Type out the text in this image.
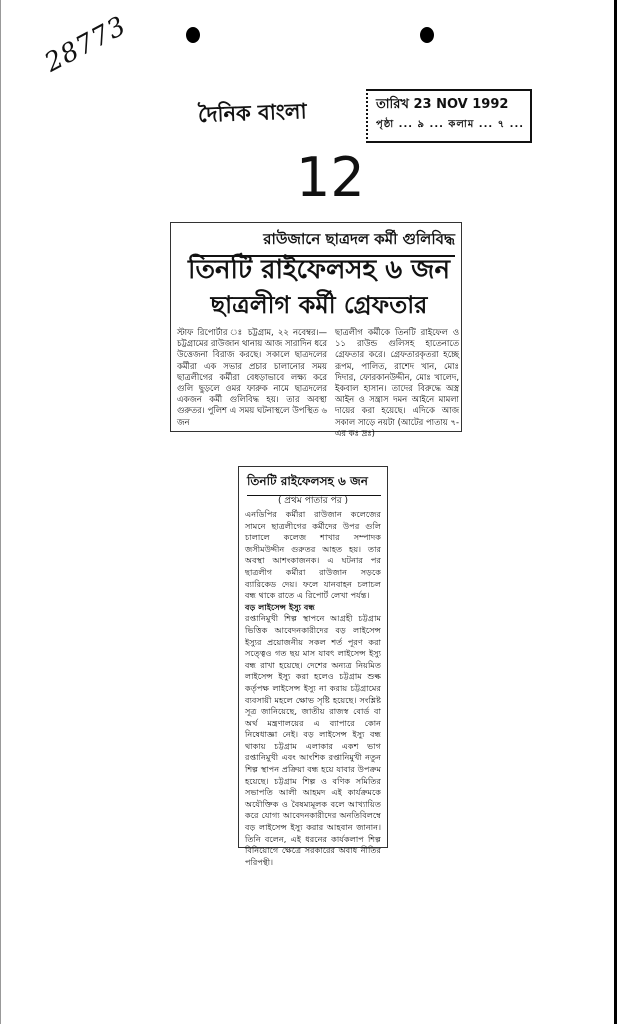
28773
দৈনিক বাংলা	তারিখ 23 NOV 1992
পৃষ্ঠা ... ৯ ... কলাম ... ৭ ...
12
রাউজানে ছাত্রদল কর্মী গুলিবিদ্ধ
তিনটি রাইফেলসহ ৬ জন
ছাত্রলীগ কর্মী গ্রেফতার
স্টাফ রিপোর্টার ঃ চট্টগ্রাম, ২২ নবেম্বর।—চট্টগ্রামের রাউজান থানায় আজ সারাদিন ধরে উত্তেজনা বিরাজ করছে। সকালে ছাত্রদলের কর্মীরা এক সভার প্রচার চালানোর সময় ছাত্রলীগের কর্মীরা বেধড়াভাবে লক্ষ্য করে গুলি ছুড়লে ওমর ফারুক নামে ছাত্রদলের একজন কর্মী গুলিবিদ্ধ হয়। তার অবস্থা গুরুতর। পুলিশ এ সময় ঘটনাস্থলে উপস্থিত ৬ জন
ছাত্রলীগ কর্মীকে তিনটি রাইফেল ও ১১ রাউন্ড গুলিসহ হাতেনাতে গ্রেফতার করে। গ্রেফতারকৃতরা হচ্ছে রূপম, পালিত, রাশেদ খান, মোঃ দিদার, ফোরকানউদ্দীন, মোঃ খালেদ, ইকবাল হাসান। তাদের বিরুদ্ধে অস্ত্র আইন ও সন্ত্রাস দমন আইনে মামলা দায়ের করা হয়েছে। এদিকে আজ সকাল সাড়ে নয়টা (আটের পাতায় ৭-এর কঃ দ্রঃ)
তিনটি রাইফেলসহ ৬ জন
( প্রথম পাতার পর )
এনডিপির কর্মীরা রাউজান কলেজের সামনে ছাত্রলীগের কর্মীদের উপর গুলি চালালে কলেজ শাখার সম্পাদক জসীমউদ্দীন গুরুতর আহত হয়। তার অবস্থা আশংকাজনক। এ ঘটনার পর ছাত্রলীগ কর্মীরা রাউজান সড়কে ব্যারিকেড দেয়। ফলে যানবাহন চলাচল বন্ধ থাকে রাতে এ রিপোর্ট লেখা পর্যন্ত।
বড় লাইসেন্স ইস্যু বন্ধ
রপ্তানিমুখী শিল্প স্থাপনে আগ্রহী চট্টগ্রাম ভিত্তিক আবেদনকারীদের বড় লাইসেন্স ইস্যুর প্রয়োজনীয় সকল শর্ত পূরণ করা সত্ত্বেও গত ছয় মাস যাবৎ লাইসেন্স ইস্যু বন্ধ রাখা হয়েছে। দেশের অন্যত্র নিয়মিত লাইসেন্স ইস্যু করা হলেও চট্টগ্রাম শুল্ক কর্তৃপক্ষ লাইসেন্স ইস্যু না করায় চট্টগ্রামের ব্যবসায়ী মহলে ক্ষোভ সৃষ্টি হয়েছে। সংশ্লিষ্ট সূত্র জানিয়েছে, জাতীয় রাজস্ব বোর্ড বা অর্থ মন্ত্রণালয়ের এ ব্যাপারে কোন নিষেধাজ্ঞা নেই। বড় লাইসেন্স ইস্যু বন্ধ থাকায় চট্টগ্রাম এলাকার একশ ভাগ রপ্তানিমুখী এবং আংশিক রপ্তানিমুখী নতুন শিল্প স্থাপন প্রক্রিয়া বন্ধ হয়ে যাবার উপক্রম হয়েছে। চট্টগ্রাম শিল্প ও বণিক সমিতির সভাপতি আলী আহমদ এই কার্যক্রমকে অযৌক্তিক ও বৈষম্যমূলক বলে আখ্যায়িত করে যোগ্য আবেদনকারীদের অনতিবিলম্বে বড় লাইসেন্স ইস্যু করার আহবান জানান। তিনি বলেন, এই ধরনের কার্যকলাপ শিল্প বিনিয়োগে ক্ষেত্রে সরকারের অবাধ নীতির পরিপন্থী।
